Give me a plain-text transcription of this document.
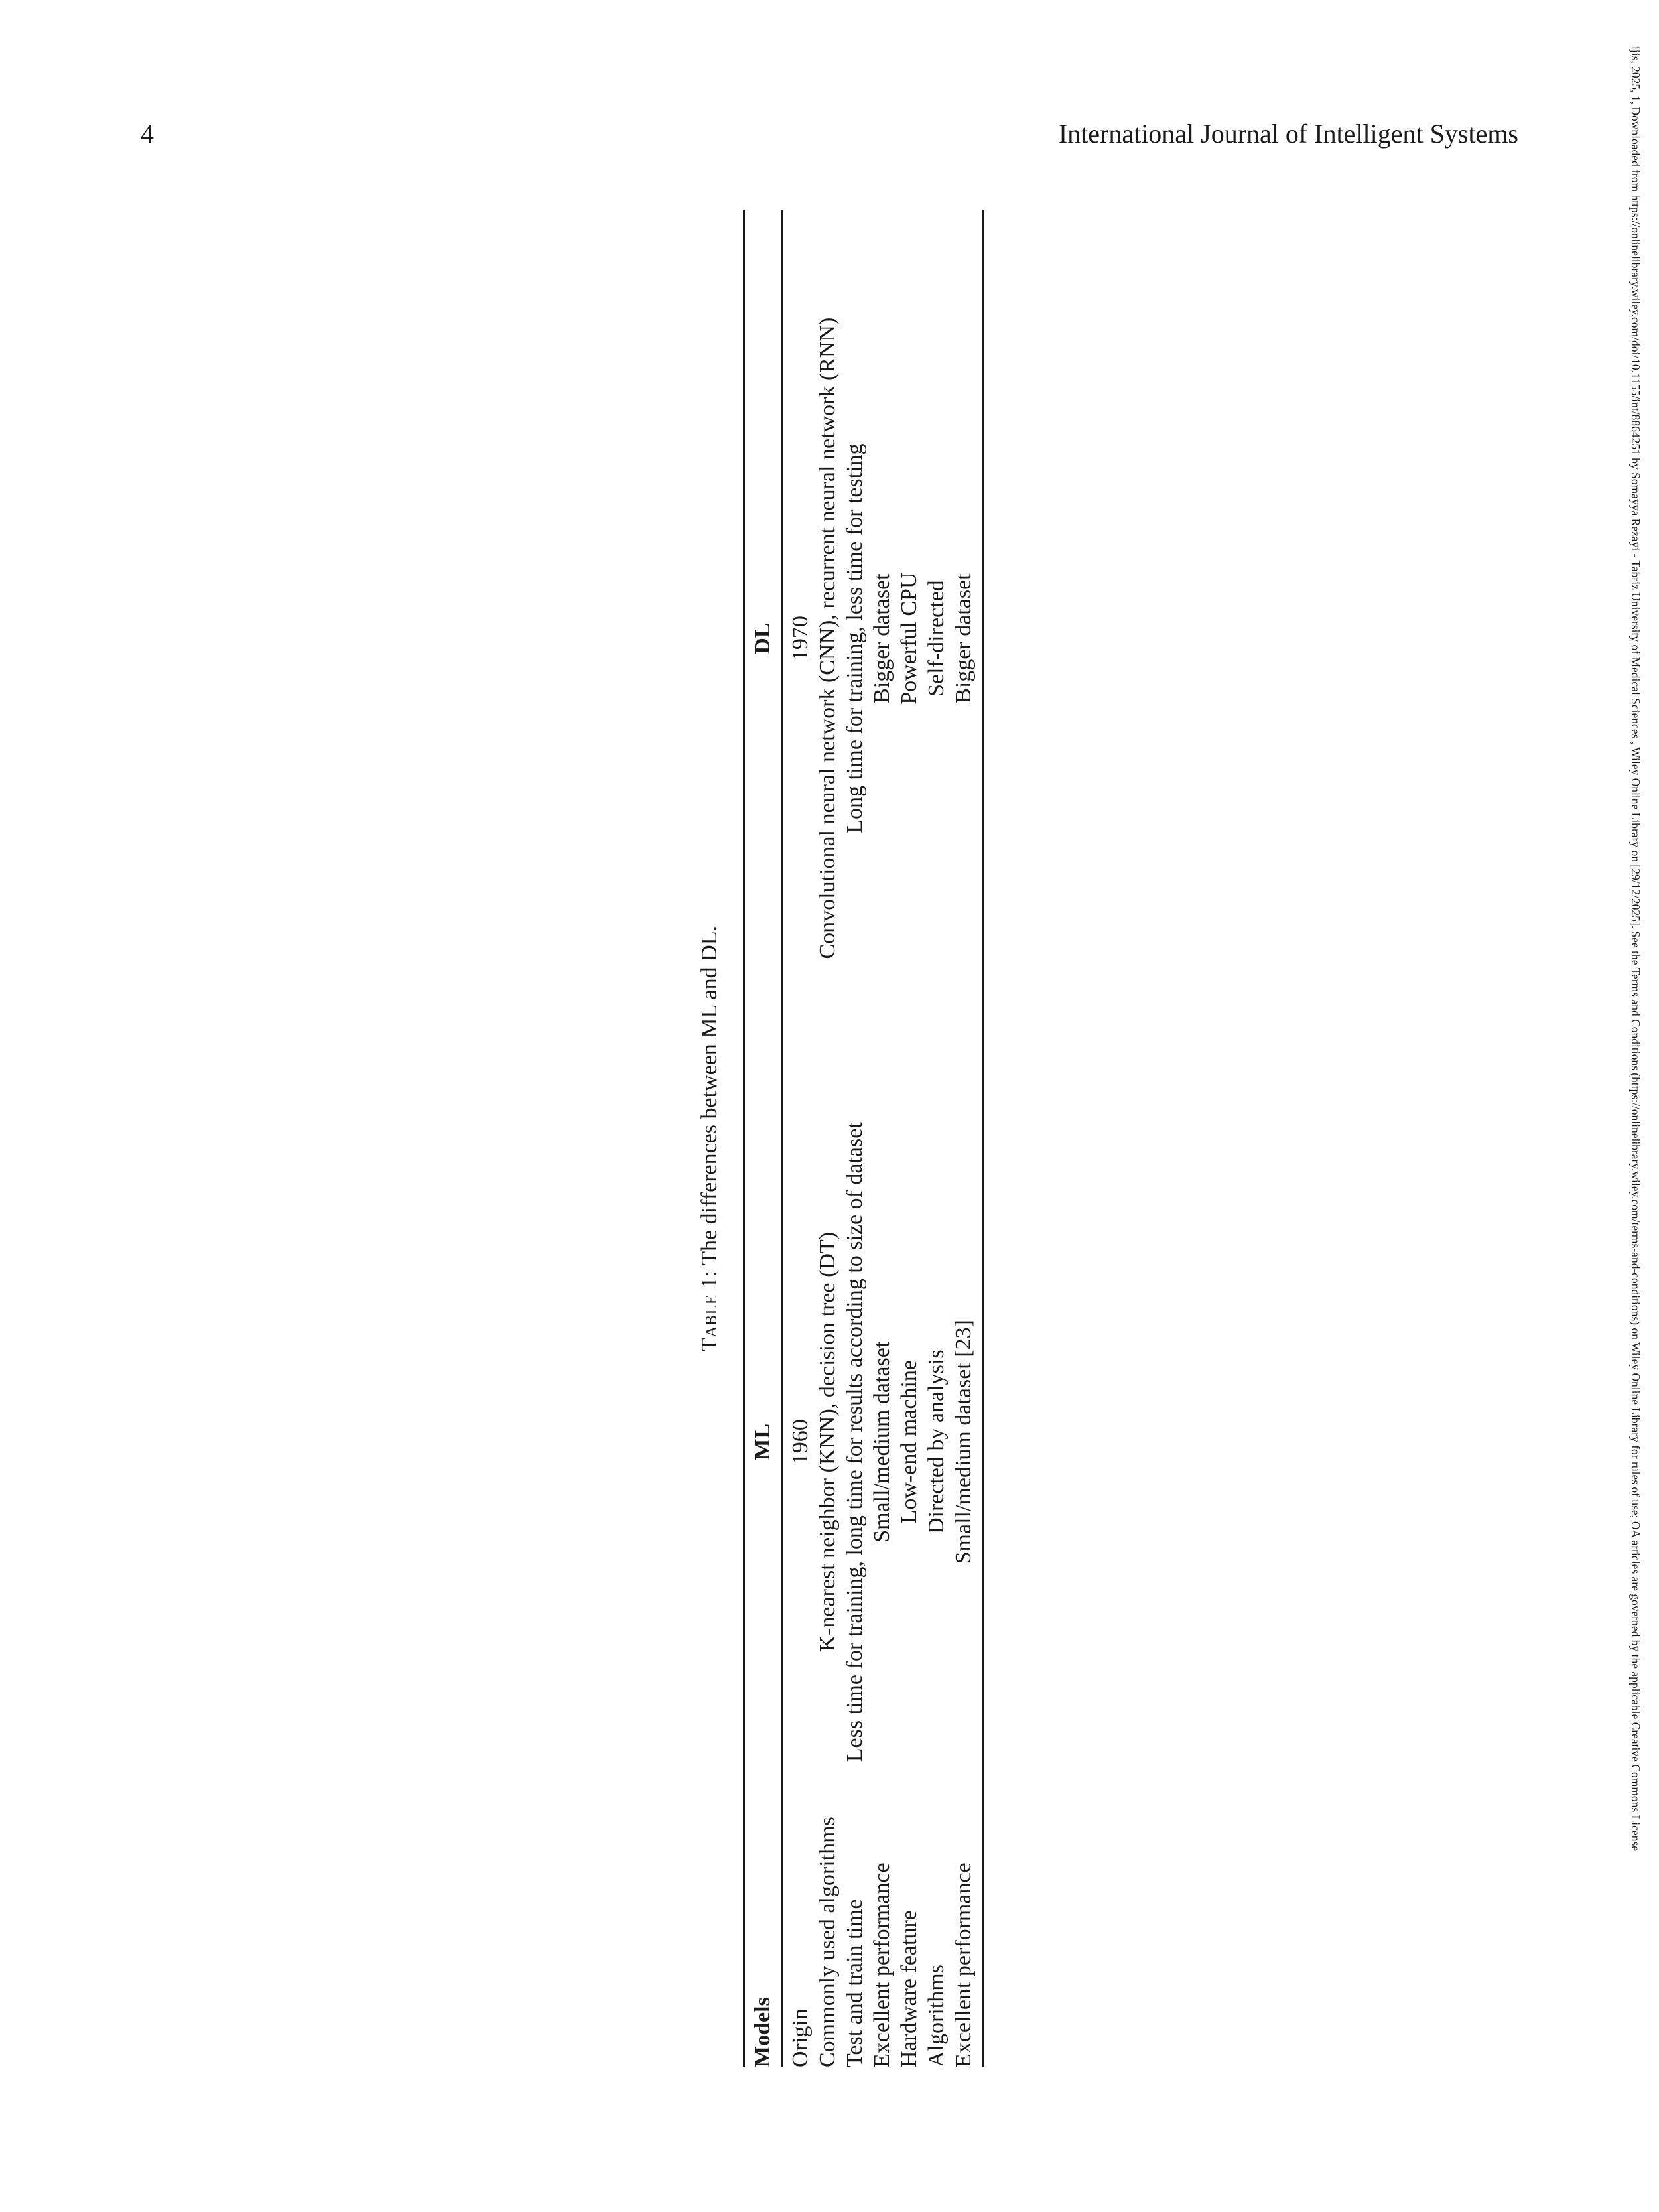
4	International Journal of Intelligent Systems	ijis, 2025, 1, Downloaded from https://onlinelibrary.wiley.com/doi/10.1155/int/8864251 by Somayya Rezayi - Tabriz University of Medical Sciences , Wiley Online Library on [29/12/2025]. See the Terms and Conditions (https://onlinelibrary.wiley.com/terms-and-conditions) on Wiley Online Library for rules of use; OA articles are governed by the applicable Creative Commons License
Table 1: The differences between ML and DL.
Models	ML	DL
Origin	1960	1970
Commonly used algorithms	K-nearest neighbor (KNN), decision tree (DT)	Convolutional neural network (CNN), recurrent neural network (RNN)
Test and train time	Less time for training, long time for results according to size of dataset	Long time for training, less time for testing
Excellent performance	Small/medium dataset	Bigger dataset
Hardware feature	Low-end machine	Powerful CPU
Algorithms	Directed by analysis	Self-directed
Excellent performance	Small/medium dataset [23]	Bigger dataset
